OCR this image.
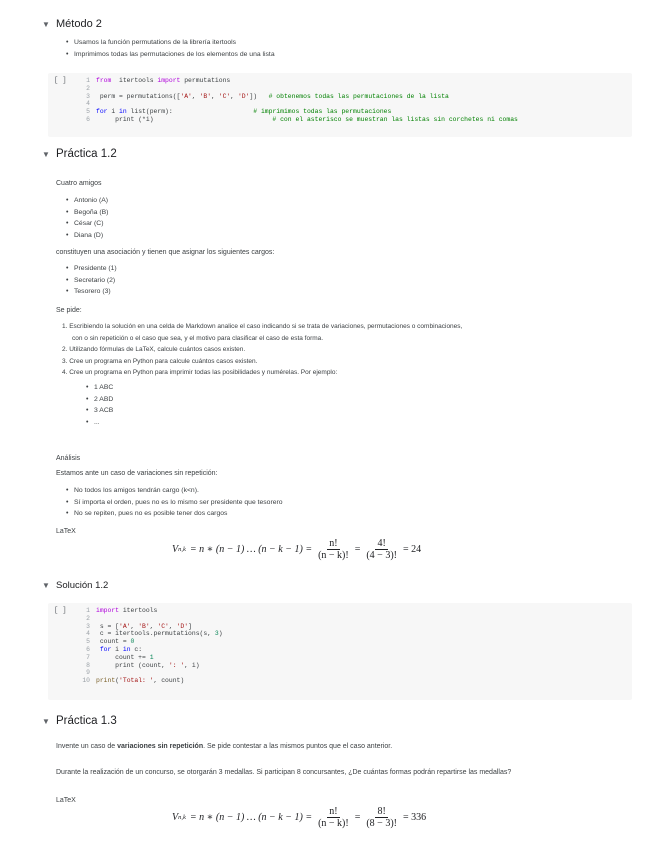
▼ Método 2
• Usamos la función permutations de la librería itertools
• Imprimimos todas las permutaciones de los elementos de una lista
[ ]	1 from  itertools import permutations
2
3 perm = permutations(['A', 'B', 'C', 'D'])   # obtenemos todas las permutaciones de la lista
4
5 for i in list(perm):                     # imprimimos todas las permutaciones
6     print (*i)                               # con el asterisco se muestran las listas sin corchetes ni comas
▼ Práctica 1.2
Cuatro amigos
• Antonio (A)
• Begoña (B)
• César (C)
• Diana (D)
constituyen una asociación y tienen que asignar los siguientes cargos:
• Presidente (1)
• Secretario (2)
• Tesorero (3)
Se pide:
1. Escribiendo la solución en una celda de Markdown analice el caso indicando si se trata de variaciones, permutaciones o combinaciones,
con o sin repetición o el caso que sea, y el motivo para clasificar el caso de esta forma.
2. Utilizando fórmulas de LaTeX, calcule cuántos casos existen.
3. Cree un programa en Python para calcule cuántos casos existen.
4. Cree un programa en Python para imprimir todas las posibilidades y numérelas. Por ejemplo:
• 1 ABC
• 2 ABD
• 3 ACB
• ...
Análisis
Estamos ante un caso de variaciones sin repetición:
• No todos los amigos tendrán cargo (k<n).
• Sí importa el orden, pues no es lo mismo ser presidente que tesorero
• No se repiten, pues no es posible tener dos cargos
LaTeX
V n,k = n ∗ (n − 1) … $(n - k - 1) = \frac{n!}{(n - k)!} = \frac{4!}{(4 - 3)!} = 24$
▼ Solución 1.2
[ ]	1 import itertools
2
3 s = ['A', 'B', 'C', 'D']
4 c = itertools.permutations(s, 3)
5 count = 0
6 for i in c:
7     count += 1
8     print (count, ': ', i)
9
10 print('Total: ', count)
▼ Práctica 1.3
Invente un caso de variaciones sin repetición. Se pide contestar a las mismos puntos que el caso anterior.
Durante la realización de un concurso, se otorgarán 3 medallas. Si participan 8 concursantes, ¿De cuántas formas podrán repartirse las medallas?
LaTeX
V n,k = n ∗ (n − 1) … $(n - k - 1) = \frac{n!}{(n - k)!} = \frac{8!}{(8 - 3)!} = 336$
